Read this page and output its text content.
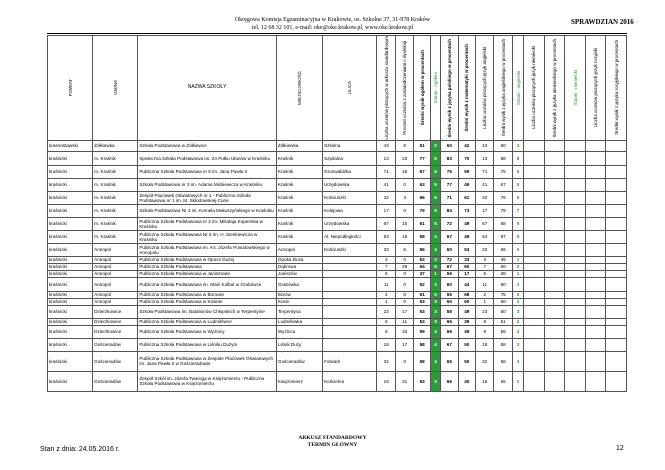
Okręgowa Komisja Egzaminacyjna w Krakowie, os. Szkolne 37, 31-978 Kraków
tel. 12 68 32 101, e-mail: oke@oke.krakow.pl, www.oke.krakow.pl
SPRAWDZIAN 2016
POWIAT	GMINA	NAZWA SZKOŁY	MIEJSCOWOŚĆ	ULICA	Liczba uczniów piszących w arkuszu standardowym	Procent uczniów z zaświadczeniami o dysleksji	Średni wynik ogółem w procentach	Stanin - ogółem	Średni wynik z języka polskiego w procentach	Średni wynik z matematyki w procentach	Liczba uczniów piszących język angielski	Średni wynik z języka angielskiego w procentach	Stanin - angielski	Liczba uczniów piszących język niemiecki	Średni wynik z języka niemieckiego w procentach	Stanin - niemiecki	Liczba uczniów piszących język rosyjski	Średni wynik z języka rosyjskiego w procentach

krasnostawski	Żółkiewka	Szkoła Podstawowa w Żółkiewce	Żółkiewka	Szkolna	43	9	51	2	60	42	43	60	3					
kraśnicki	m. Kraśnik	Społeczna Szkoła Podstawowa im. 24 Pułku Ułanów w Kraśniku	Kraśnik	Szpitalna	13	23	77	8	83	70	13	88	8					
kraśnicki	m. Kraśnik	Publiczna Szkoła Podstawowa nr 6 im. Jana Pawła II	Kraśnik	Grunwaldzka	71	18	67	6	75	59	71	75	6					
kraśnicki	m. Kraśnik	Szkoła Podstawowa nr 3 im. Adama Mickiewicza w Kraśniku	Kraśnik	Urzędowska	41	0	63	5	77	49	41	67	5					
kraśnicki	m. Kraśnik	Zespół Placówek Oświatowych nr 1 - Publiczna Szkoła Podstawowa nr 1 im. M. Skłodowskiej-Curie	Kraśnik	Kościuszki	32	3	66	6	71	61	32	76	6					
kraśnicki	m. Kraśnik	Szkoła Podstawowa Nr 4 im. Kornela Makuszyńskiego w Kraśniku	Kraśnik	Kolejowa	17	0	79	9	84	73	17	79	7					
kraśnicki	m. Kraśnik	Publiczna Szkoła Podstawowa nr 2 im. Mikołaja Kopernika w Kraśniku	Kraśnik	Urzędowska	67	15	61	5	72	49	67	68	5					
kraśnicki	m. Kraśnik	Publiczna Szkoła Podstawowa Nr 5 im. H. Sienkiewicza w Kraśniku	Kraśnik	Al. Niepodległości	63	19	58	4	67	49	64	67	5					
kraśnicki	Annopol	Publiczna Szkoła Podstawowa im. Ks. Józefa Poniatowskiego w Annopolu	Annopol	Kościuszki	33	6	56	4	60	53	33	66	5					
kraśnicki	Annopol	Publiczna Szkoła Podstawowa w Opoce Dużej	Opoka Duża		3	0	53	3	72	33	3	49	1					
kraśnicki	Annopol	Publiczna Szkoła Podstawowa	Dąbrowa		7	29	64	6	67	60	7	60	3					
kraśnicki	Annopol	Publiczna Szkoła Podstawowa w Janiszowie	Janiszów		5	0	37	1	56	17	5	38	1					
kraśnicki	Annopol	Publiczna Szkoła Podstawowa im. Marii Kolbut w Grabówce	Grabówka		11	0	52	3	60	44	11	60	3					
kraśnicki	Annopol	Publiczna Szkoła Podstawowa w Borowie	Borów		2	0	61	5	55	68	2	75	6					
kraśnicki	Annopol	Publiczna Szkoła Podstawowa w Kosinie	Kosin		1	0	53	3	50	60	1	60	3					
kraśnicki	Dzierzkowice	Szkoła Podstawowa im. Batalionów Chłopskich w Terpentynie	Terpentyna		23	17	53	3	58	49	23	60	3					
kraśnicki	Dzierzkowice	Publiczna Szkoła Podstawowa w Ludmiłówce	Ludmiłówka		9	11	53	3	66	39	9	51	2					
kraśnicki	Dzierzkowice	Publiczna Szkoła Podstawowa w Wyżnicy	Wyżnica		9	33	59	4	69	49	9	59	3					
kraśnicki	Gościeradów	Publiczna Szkoła Podstawowa w Liśniku Dużym	Liśnik Duży		18	17	58	4	67	50	18	58	3					
kraśnicki	Gościeradów	Publiczna Szkoła Podstawowa w Zespole Placówek Oświatowych im. Jana Pawła II w Gościeradowie	Gościeradów	Folwark	32	0	58	4	65	50	32	58	3					
kraśnicki	Gościeradów	Zespół Szkół im. Józefa Twaroga w Księżomierzu - Publiczna Szkoła Podstawowa w Księżomierzu	Księżomierz	Kościelna	16	31	53	3	66	40	16	55	2					
ARKUSZ STANDARDOWY
TERMIN GŁÓWNY
Stan z dnia: 24.05.2016 r.	12
